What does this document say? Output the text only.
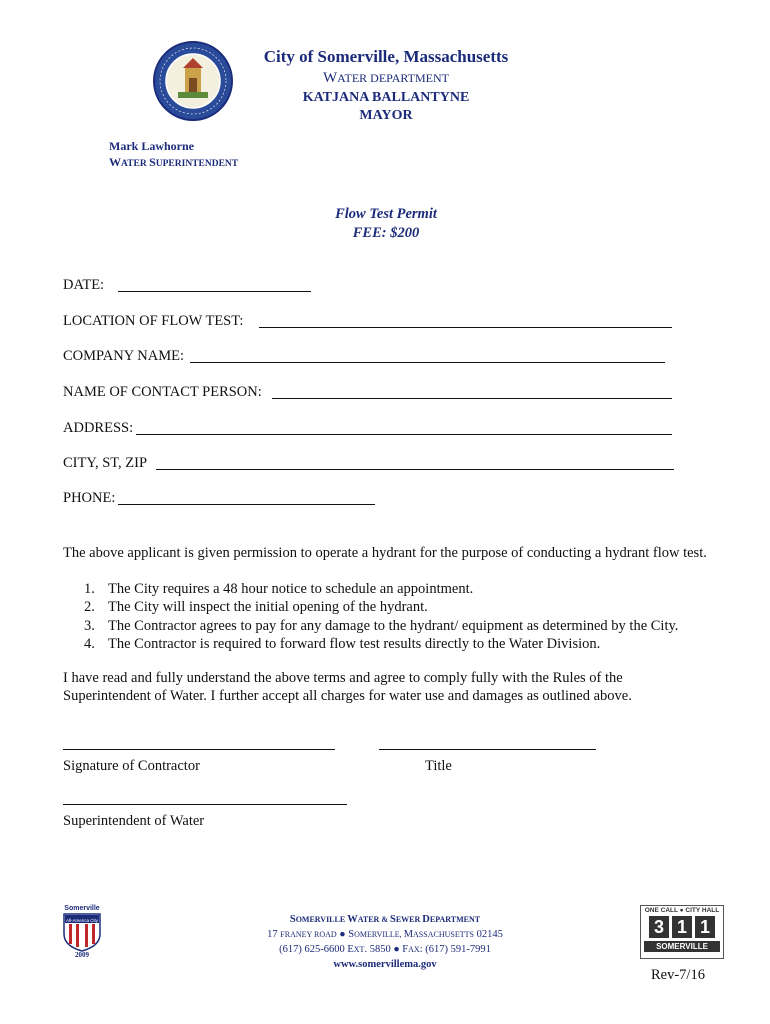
City of Somerville, Massachusetts
WATER DEPARTMENT
KATJANA BALLANTYNE
MAYOR
Mark Lawhorne
WATER SUPERINTENDENT
Flow Test Permit
FEE: $200
DATE:
LOCATION OF FLOW TEST:
COMPANY NAME:
NAME OF CONTACT PERSON:
ADDRESS:
CITY, ST, ZIP
PHONE:
The above applicant is given permission to operate a hydrant for the purpose of conducting a hydrant flow test.
1. The City requires a 48 hour notice to schedule an appointment.
2. The City will inspect the initial opening of the hydrant.
3. The Contractor agrees to pay for any damage to the hydrant/ equipment as determined by the City.
4. The Contractor is required to forward flow test results directly to the Water Division.
I have read and fully understand the above terms and agree to comply fully with the Rules of the Superintendent of Water. I further accept all charges for water use and damages as outlined above.
Signature of Contractor	Title
Superintendent of Water
Somerville
All-America City
2009
SOMERVILLE WATER & SEWER DEPARTMENT
17 FRANEY ROAD ● SOMERVILLE, MASSACHUSETTS 02145
(617) 625-6600 EXT. 5850 ● FAX: (617) 591-7991
www.somervillema.gov
ONE CALL ● CITY HALL
3 1 1
SOMERVILLE
Rev-7/16
